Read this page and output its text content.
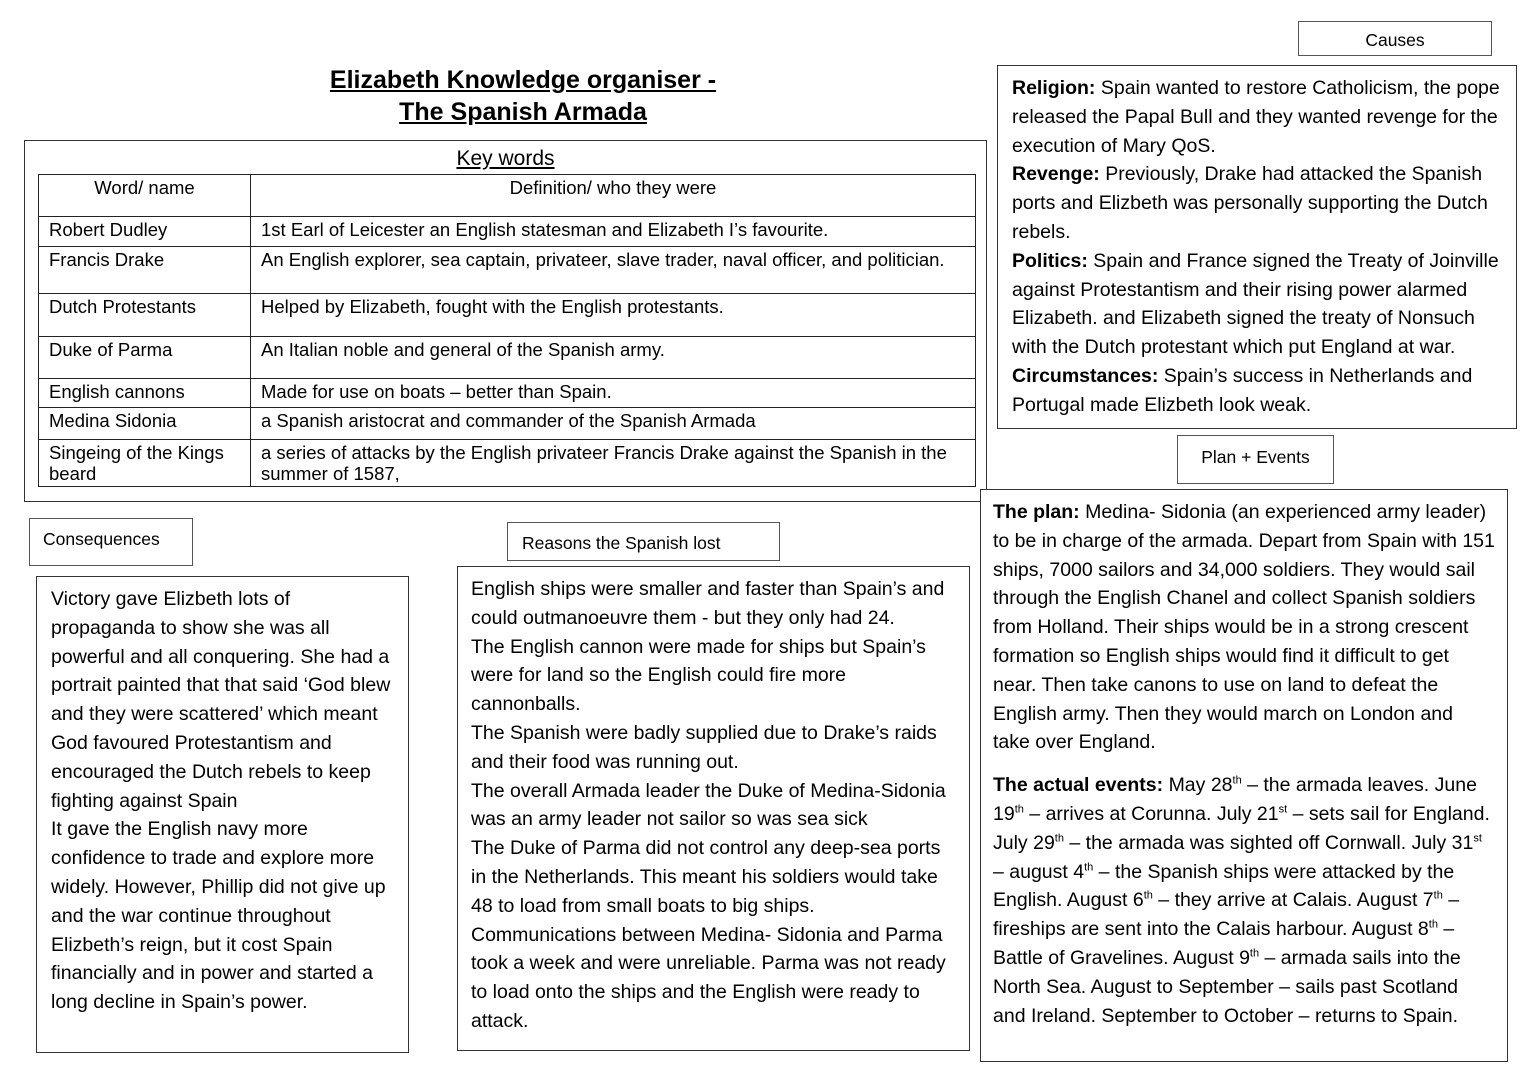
Elizabeth Knowledge organiser -
The Spanish Armada
Key words
Word/ name	Definition/ who they were
Robert Dudley	1st Earl of Leicester an English statesman and Elizabeth I’s favourite.
Francis Drake	An English explorer, sea captain, privateer, slave trader, naval officer, and politician.
Dutch Protestants	Helped by Elizabeth, fought with the English protestants.
Duke of Parma	An Italian noble and general of the Spanish army.
English cannons	Made for use on boats – better than Spain.
Medina Sidonia	a Spanish aristocrat and commander of the Spanish Armada
Singeing of the Kings beard	a series of attacks by the English privateer Francis Drake against the Spanish in the summer of 1587,
Causes

Religion: Spain wanted to restore Catholicism, the pope released the Papal Bull and they wanted revenge for the execution of Mary QoS.

Revenge: Previously, Drake had attacked the Spanish ports and Elizbeth was personally supporting the Dutch rebels.

Politics: Spain and France signed the Treaty of Joinville against Protestantism and their rising power alarmed Elizabeth. and Elizabeth signed the treaty of Nonsuch with the Dutch protestant which put England at war.

Circumstances: Spain’s success in Netherlands and Portugal made Elizbeth look weak.

Plan + Events

The plan: Medina- Sidonia (an experienced army leader) to be in charge of the armada. Depart from Spain with 151 ships, 7000 sailors and 34,000 soldiers. They would sail through the English Chanel and collect Spanish soldiers from Holland. Their ships would be in a strong crescent formation so English ships would find it difficult to get near. Then take canons to use on land to defeat the English army. Then they would march on London and take over England.

The actual events: May 28th – the armada leaves. June 19th – arrives at Corunna. July 21st – sets sail for England. July 29th – the armada was sighted off Cornwall. July 31st – august 4th – the Spanish ships were attacked by the English. August 6th – they arrive at Calais. August 7th – fireships are sent into the Calais harbour. August 8th – Battle of Gravelines. August 9th – armada sails into the North Sea. August to September – sails past Scotland and Ireland. September to October – returns to Spain.

Consequences

Victory gave Elizbeth lots of propaganda to show she was all powerful and all conquering. She had a portrait painted that that said ‘God blew and they were scattered’ which meant God favoured Protestantism and encouraged the Dutch rebels to keep fighting against Spain

It gave the English navy more confidence to trade and explore more widely. However, Phillip did not give up and the war continue throughout Elizbeth’s reign, but it cost Spain financially and in power and started a long decline in Spain’s power.

Reasons the Spanish lost

English ships were smaller and faster than Spain’s and could outmanoeuvre them - but they only had 24.

The English cannon were made for ships but Spain’s were for land so the English could fire more cannonballs.

The Spanish were badly supplied due to Drake’s raids and their food was running out.

The overall Armada leader the Duke of Medina-Sidonia was an army leader not sailor so was sea sick

The Duke of Parma did not control any deep-sea ports in the Netherlands. This meant his soldiers would take 48 to load from small boats to big ships.

Communications between Medina- Sidonia and Parma took a week and were unreliable. Parma was not ready to load onto the ships and the English were ready to attack.
